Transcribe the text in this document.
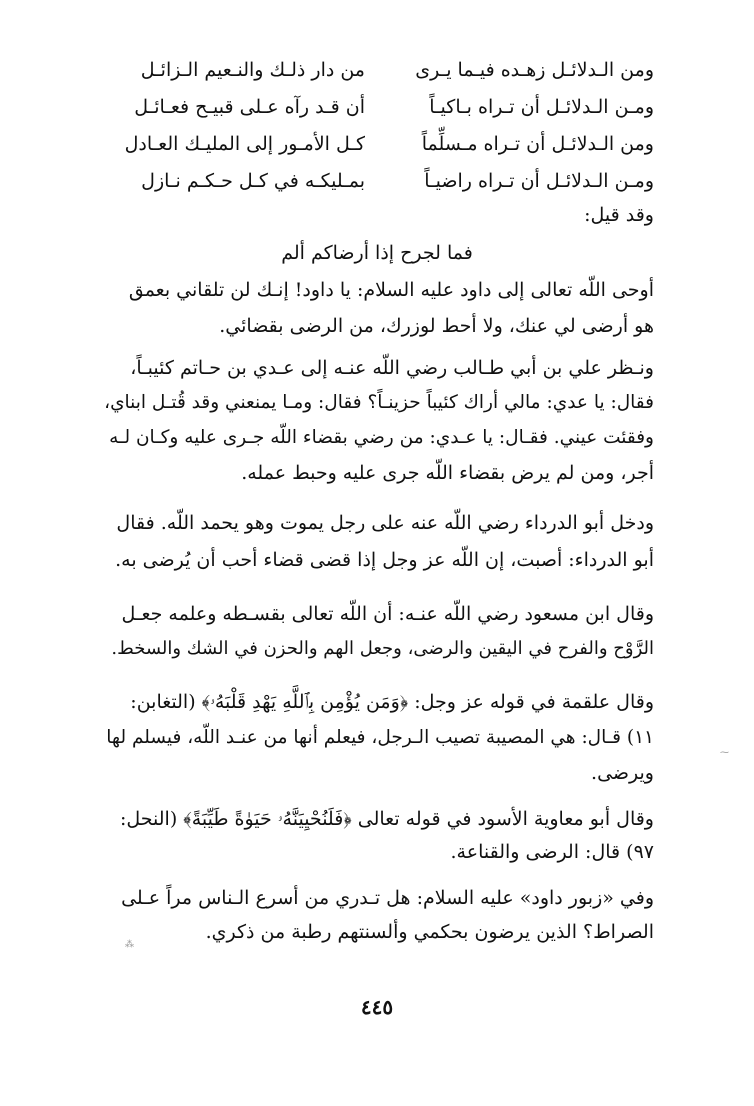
ومن الـدلائـل زهـده فيـما يـرى
من دار ذلـك والنـعيم الـزائـل
ومـن الـدلائـل أن تـراه بـاكيـاً
أن قـد رآه عـلى قبيـح فعـائـل
ومن الـدلائـل أن تـراه مـسلِّماً
كـل الأمـور إلى المليـك العـادل
ومـن الـدلائـل أن تـراه راضيـاً
بمـليكـه في كـل حـكـم نـازل
وقد قيل:
فما لجرح إذا أرضاكم ألم
أوحى اللّه تعالى إلى داود عليه السلام: يا داود! إنـك لن تلقاني بعمق
هو أرضى لي عنك، ولا أحط لوزرك، من الرضى بقضائي.
ونـظر علي بن أبي طـالب رضي اللّه عنـه إلى عـدي بن حـاتم كئيبـاً،
فقال: يا عدي: مالي أراك كئيباً حزينـاً؟ فقال: ومـا يمنعني وقد قُتـل ابناي،
وفقئت عيني. فقـال: يا عـدي: من رضي بقضاء اللّه جـرى عليه وكـان لـه
أجر، ومن لم يرض بقضاء اللّه جرى عليه وحبط عمله.
ودخل أبو الدرداء رضي اللّه عنه على رجل يموت وهو يحمد اللّه. فقال
أبو الدرداء: أصبت، إن اللّه عز وجل إذا قضى قضاء أحب أن يُرضى به.
وقال ابن مسعود رضي اللّه عنـه: أن اللّه تعالى بقسـطه وعلمه جعـل
الرَّوْح والفرح في اليقين والرضى، وجعل الهم والحزن في الشك والسخط.
وقال علقمة في قوله عز وجل: ﴿وَمَن يُؤْمِن بِٱللَّهِ يَهْدِ قَلْبَهُۥ﴾ (التغابن:
١١) قـال: هي المصيبة تصيب الـرجل، فيعلم أنها من عنـد اللّه، فيسلم لها
ويرضى.
وقال أبو معاوية الأسود في قوله تعالى ﴿فَلَنُحْيِيَنَّهُۥ حَيَوٰةً طَيِّبَةً﴾ (النحل:
٩٧) قال: الرضى والقناعة.
وفي «زبور داود» عليه السلام: هل تـدري من أسرع الـناس مراً عـلى
الصراط؟ الذين يرضون بحكمي وألسنتهم رطبة من ذكري.
٤٤٥
⁂
⁓
